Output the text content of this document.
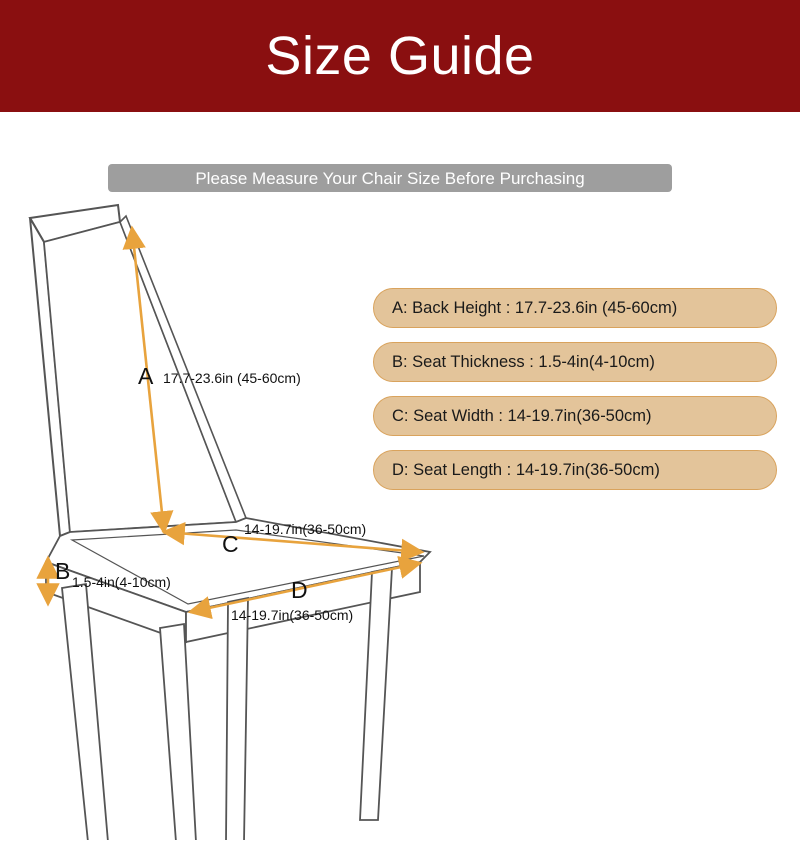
Size Guide
Please Measure Your Chair Size Before Purchasing
A 17.7-23.6in (45-60cm)
C
14-19.7in(36-50cm)
B 1.5-4in(4-10cm)	D
14-19.7in(36-50cm)
A: Back Height : 17.7-23.6in (45-60cm)
B: Seat Thickness : 1.5-4in(4-10cm)
C: Seat Width : 14-19.7in(36-50cm)
D: Seat Length : 14-19.7in(36-50cm)
